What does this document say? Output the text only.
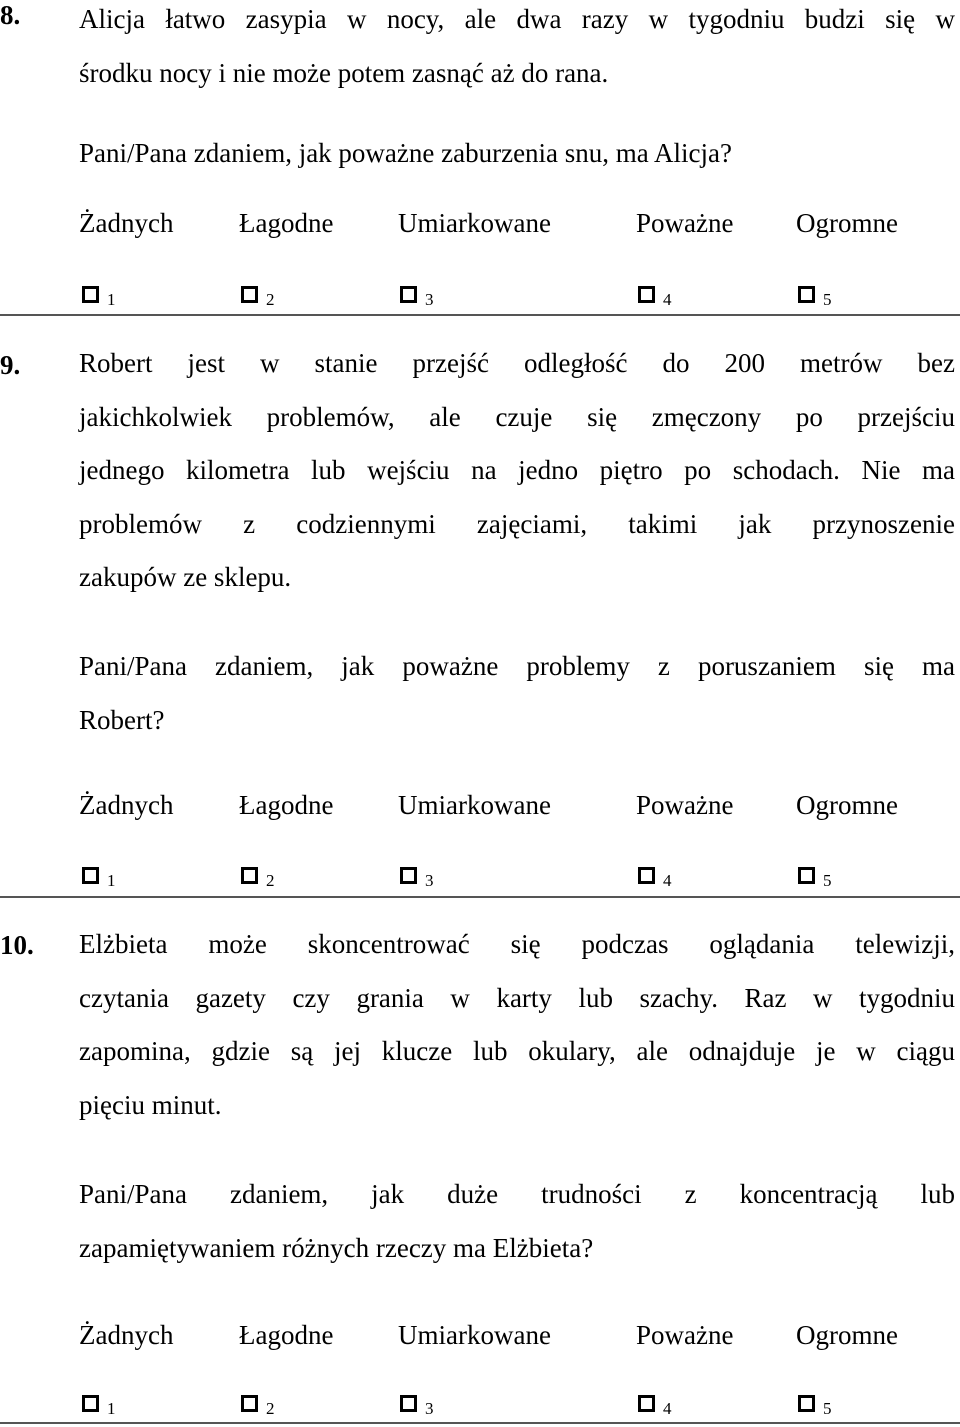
8. Alicja łatwo zasypia w nocy, ale dwa razy w tygodniu budzi się w
środku nocy i nie może potem zasnąć aż do rana.
Pani/Pana zdaniem, jak poważne zaburzenia snu, ma Alicja?
Żadnych Łagodne Umiarkowane	Poważne Ogromne
1	2	3	4	5
9. Robert jest w stanie przejść odległość do 200 metrów bez
jakichkolwiek problemów, ale czuje się zmęczony po przejściu
jednego kilometra lub wejściu na jedno piętro po schodach. Nie ma
problemów z codziennymi zajęciami, takimi jak przynoszenie
zakupów ze sklepu.
Pani/Pana zdaniem, jak poważne problemy z poruszaniem się ma
Robert?
Żadnych Łagodne Umiarkowane	Poważne Ogromne
1	2	3	4	5
10. Elżbieta może skoncentrować się podczas oglądania telewizji,
czytania gazety czy grania w karty lub szachy. Raz w tygodniu
zapomina, gdzie są jej klucze lub okulary, ale odnajduje je w ciągu
pięciu minut.
Pani/Pana zdaniem, jak duże trudności z koncentracją lub
zapamiętywaniem różnych rzeczy ma Elżbieta?
Żadnych Łagodne Umiarkowane	Poważne Ogromne
1	2	3	4	5
